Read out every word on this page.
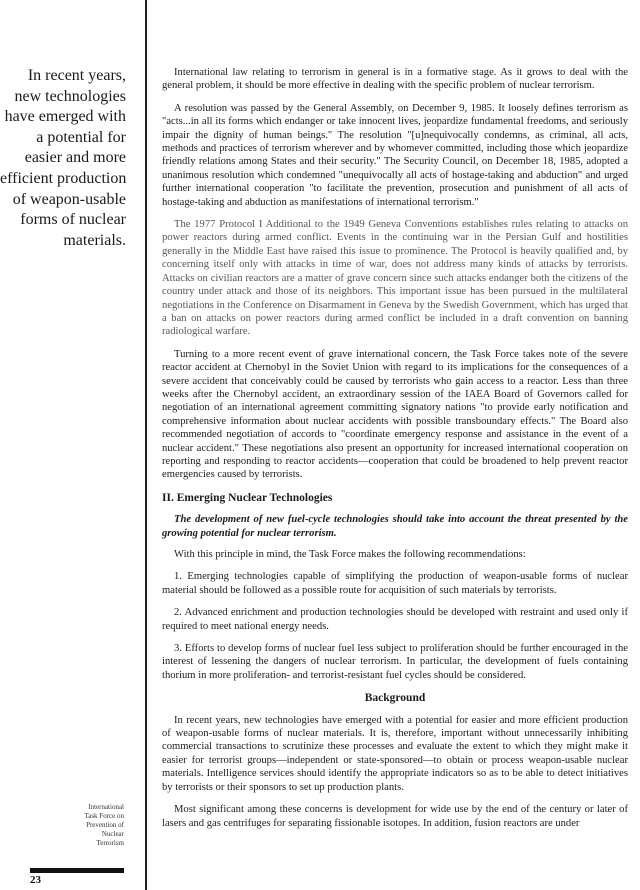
In recent years,
new technologies
have emerged with
a potential for
easier and more
efficient production
of weapon-usable
forms of nuclear
materials.
International
Task Force on
Prevention of
Nuclear
Terrorism
23

International law relating to terrorism in general is in a formative stage. As it grows to deal with the general problem, it should be more effective in dealing with the specific problem of nuclear terrorism.

A resolution was passed by the General Assembly, on December 9, 1985. It loosely defines terrorism as "acts...in all its forms which endanger or take innocent lives, jeopardize fundamental freedoms, and seriously impair the dignity of human beings." The resolution "[u]nequivocally condemns, as criminal, all acts, methods and practices of terrorism wherever and by whomever committed, including those which jeopardize friendly relations among States and their security." The Security Council, on December 18, 1985, adopted a unanimous resolution which condemned "unequivocally all acts of hostage-taking and abduction" and urged further international cooperation "to facilitate the prevention, prosecution and punishment of all acts of hostage-taking and abduction as manifestations of international terrorism."

The 1977 Protocol I Additional to the 1949 Geneva Conventions establishes rules relating to attacks on power reactors during armed conflict. Events in the continuing war in the Persian Gulf and hostilities generally in the Middle East have raised this issue to prominence. The Protocol is heavily qualified and, by concerning itself only with attacks in time of war, does not address many kinds of attacks by terrorists. Attacks on civilian reactors are a matter of grave concern since such attacks endanger both the citizens of the country under attack and those of its neighbors. This important issue has been pursued in the multilateral negotiations in the Conference on Disarmament in Geneva by the Swedish Government, which has urged that a ban on attacks on power reactors during armed conflict be included in a draft convention on banning radiological warfare.

Turning to a more recent event of grave international concern, the Task Force takes note of the severe reactor accident at Chernobyl in the Soviet Union with regard to its implications for the consequences of a severe accident that conceivably could be caused by terrorists who gain access to a reactor. Less than three weeks after the Chernobyl accident, an extraordinary session of the IAEA Board of Governors called for negotiation of an international agreement committing signatory nations "to provide early notification and comprehensive information about nuclear accidents with possible transboundary effects." The Board also recommended negotiation of accords to "coordinate emergency response and assistance in the event of a nuclear accident." These negotiations also present an opportunity for increased international cooperation on reporting and responding to reactor accidents—cooperation that could be broadened to help prevent reactor emergencies caused by terrorists.

II. Emerging Nuclear Technologies

The development of new fuel-cycle technologies should take into account the threat presented by the growing potential for nuclear terrorism.

With this principle in mind, the Task Force makes the following recommendations:

1. Emerging technologies capable of simplifying the production of weapon-usable forms of nuclear material should be followed as a possible route for acquisition of such materials by terrorists.

2. Advanced enrichment and production technologies should be developed with restraint and used only if required to meet national energy needs.

3. Efforts to develop forms of nuclear fuel less subject to proliferation should be further encouraged in the interest of lessening the dangers of nuclear terrorism. In particular, the development of fuels containing thorium in more proliferation- and terrorist-resistant fuel cycles should be considered.

Background

In recent years, new technologies have emerged with a potential for easier and more efficient production of weapon-usable forms of nuclear materials. It is, therefore, important without unnecessarily inhibiting commercial transactions to scrutinize these processes and evaluate the extent to which they might make it easier for terrorist groups—independent or state-sponsored—to obtain or process weapon-usable nuclear materials. Intelligence services should identify the appropriate indicators so as to be able to detect initiatives by terrorists or their sponsors to set up production plants.

Most significant among these concerns is development for wide use by the end of the century or later of lasers and gas centrifuges for separating fissionable isotopes. In addition, fusion reactors are under
